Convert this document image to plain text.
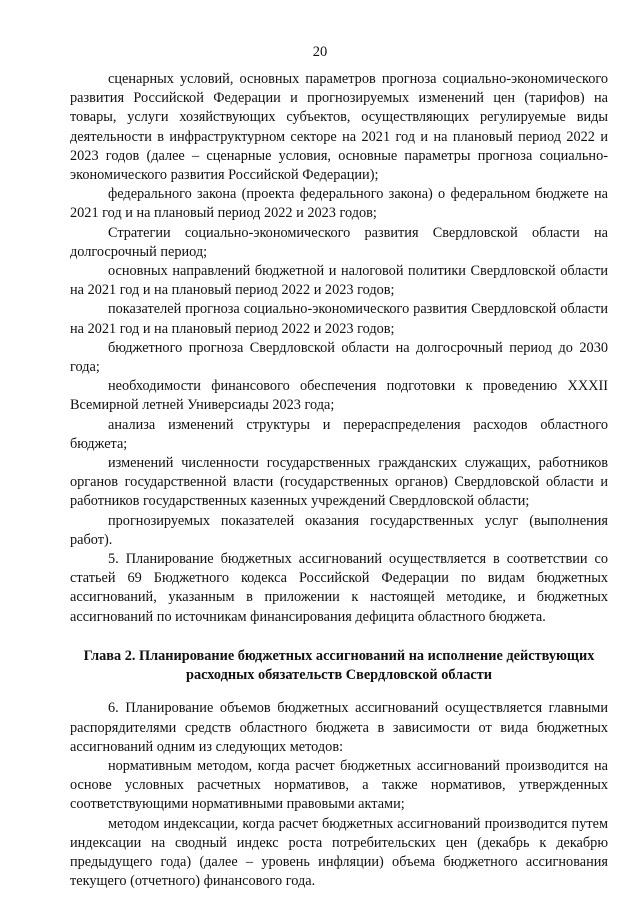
20

сценарных условий, основных параметров прогноза социально-экономического развития Российской Федерации и прогнозируемых изменений цен (тарифов) на товары, услуги хозяйствующих субъектов, осуществляющих регулируемые виды деятельности в инфраструктурном секторе на 2021 год и на плановый период 2022 и 2023 годов (далее – сценарные условия, основные параметры прогноза социально-экономического развития Российской Федерации);

федерального закона (проекта федерального закона) о федеральном бюджете на 2021 год и на плановый период 2022 и 2023 годов;

Стратегии социально-экономического развития Свердловской области на долгосрочный период;

основных направлений бюджетной и налоговой политики Свердловской области на 2021 год и на плановый период 2022 и 2023 годов;

показателей прогноза социально-экономического развития Свердловской области на 2021 год и на плановый период 2022 и 2023 годов;

бюджетного прогноза Свердловской области на долгосрочный период до 2030 года;

необходимости финансового обеспечения подготовки к проведению XXXII Всемирной летней Универсиады 2023 года;

анализа изменений структуры и перераспределения расходов областного бюджета;

изменений численности государственных гражданских служащих, работников органов государственной власти (государственных органов) Свердловской области и работников государственных казенных учреждений Свердловской области;

прогнозируемых показателей оказания государственных услуг (выполнения работ).

5. Планирование бюджетных ассигнований осуществляется в соответствии со статьей 69 Бюджетного кодекса Российской Федерации по видам бюджетных ассигнований, указанным в приложении к настоящей методике, и бюджетных ассигнований по источникам финансирования дефицита областного бюджета.

Глава 2. Планирование бюджетных ассигнований на исполнение действующих расходных обязательств Свердловской области

6. Планирование объемов бюджетных ассигнований осуществляется главными распорядителями средств областного бюджета в зависимости от вида бюджетных ассигнований одним из следующих методов:

нормативным методом, когда расчет бюджетных ассигнований производится на основе условных расчетных нормативов, а также нормативов, утвержденных соответствующими нормативными правовыми актами;

методом индексации, когда расчет бюджетных ассигнований производится путем индексации на сводный индекс роста потребительских цен (декабрь к декабрю предыдущего года) (далее – уровень инфляции) объема бюджетного ассигнования текущего (отчетного) финансового года.
